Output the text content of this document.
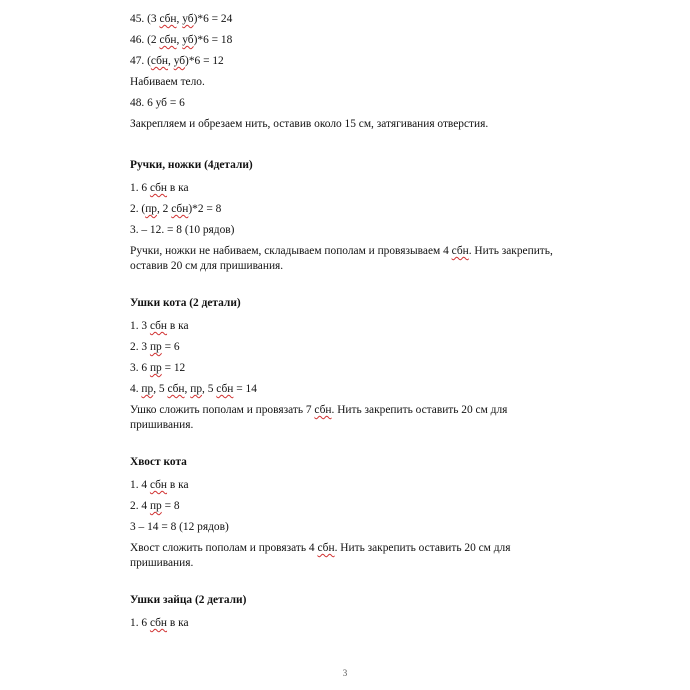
45. (3 сбн, уб)*6 = 24
46. (2 сбн, уб)*6 = 18
47. (сбн, уб)*6 = 12
Набиваем тело.
48. 6 уб = 6
Закрепляем и обрезаем нить, оставив около 15 см, затягивания отверстия.
Ручки, ножки (4детали)
1. 6 сбн в ка
2. (пр, 2 сбн)*2 = 8
3. – 12. = 8 (10 рядов)
Ручки, ножки не набиваем, складываем пополам и провязываем 4 сбн. Нить закрепить, оставив 20 см для пришивания.
Ушки кота (2 детали)
1. 3 сбн в ка
2. 3 пр = 6
3. 6 пр = 12
4. пр, 5 сбн, пр, 5 сбн = 14
Ушко сложить пополам и провязать 7 сбн. Нить закрепить оставить 20 см для пришивания.
Хвост кота
1. 4 сбн в ка
2. 4 пр = 8
3 – 14 = 8 (12 рядов)
Хвост сложить пополам и провязать 4 сбн. Нить закрепить оставить 20 см для пришивания.
Ушки зайца (2 детали)
1. 6 сбн в ка
3
